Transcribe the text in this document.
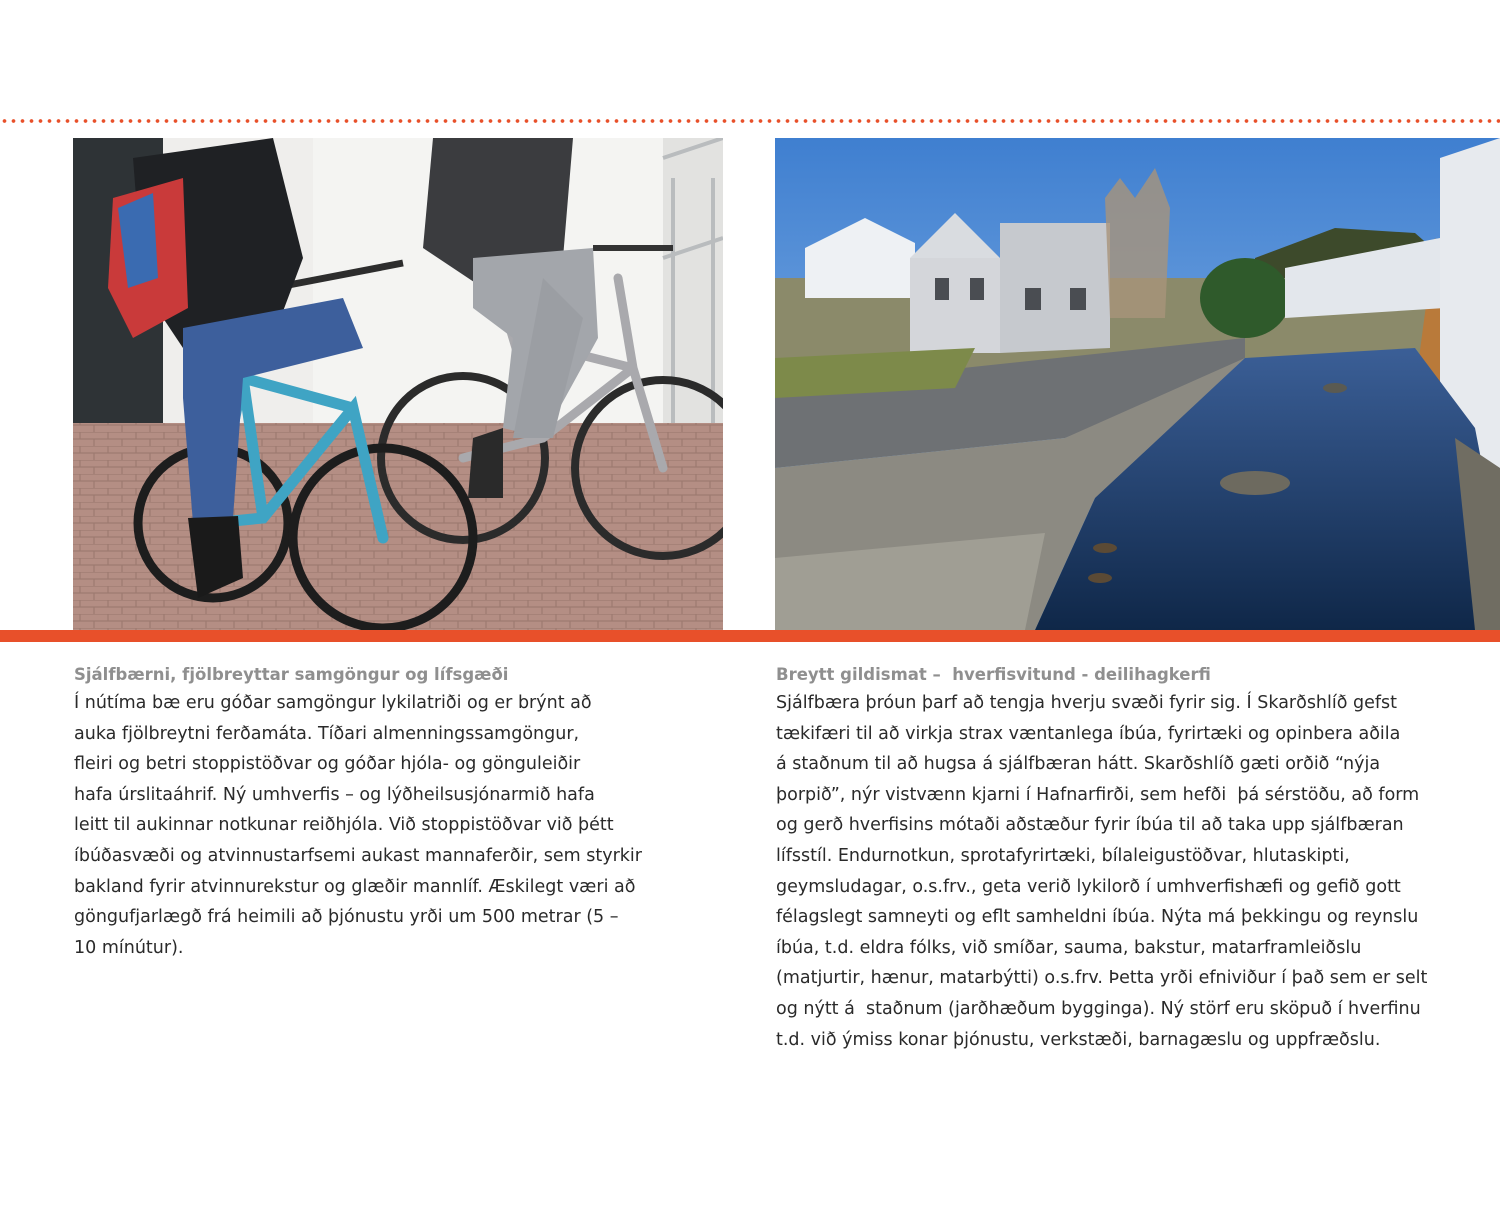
Sjálfbærni, fjölbreyttar samgöngur og lífsgæði

Í nútíma bæ eru góðar samgöngur lykilatriði og er brýnt að
auka fjölbreytni ferðamáta. Tíðari almenningssamgöngur,
fleiri og betri stoppistöðvar og góðar hjóla- og gönguleiðir
hafa úrslitaáhrif. Ný umhverfis – og lýðheilsusjónarmið hafa
leitt til aukinnar notkunar reiðhjóla. Við stoppistöðvar við þétt
íbúðasvæði og atvinnustarfsemi aukast mannaferðir, sem styrkir
bakland fyrir atvinnurekstur og glæðir mannlíf. Æskilegt væri að
göngufjarlægð frá heimili að þjónustu yrði um 500 metrar (5 –
10 mínútur).

Breytt gildismat –  hverfisvitund - deilihagkerfi

Sjálfbæra þróun þarf að tengja hverju svæði fyrir sig. Í Skarðshlíð gefst
tækifæri til að virkja strax væntanlega íbúa, fyrirtæki og opinbera aðila
á staðnum til að hugsa á sjálfbæran hátt. Skarðshlíð gæti orðið “nýja
þorpið”, nýr vistvænn kjarni í Hafnarfirði, sem hefði  þá sérstöðu, að form
og gerð hverfisins mótaði aðstæður fyrir íbúa til að taka upp sjálfbæran
lífsstíl. Endurnotkun, sprotafyrirtæki, bílaleigustöðvar, hlutaskipti,
geymsludagar, o.s.frv., geta verið lykilorð í umhverfishæfi og gefið gott
félagslegt samneyti og eflt samheldni íbúa. Nýta má þekkingu og reynslu
íbúa, t.d. eldra fólks, við smíðar, sauma, bakstur, matarframleiðslu
(matjurtir, hænur, matarbýtti) o.s.frv. Þetta yrði efniviður í það sem er selt
og nýtt á  staðnum (jarðhæðum bygginga). Ný störf eru sköpuð í hverfinu
t.d. við ýmiss konar þjónustu, verkstæði, barnagæslu og uppfræðslu.
